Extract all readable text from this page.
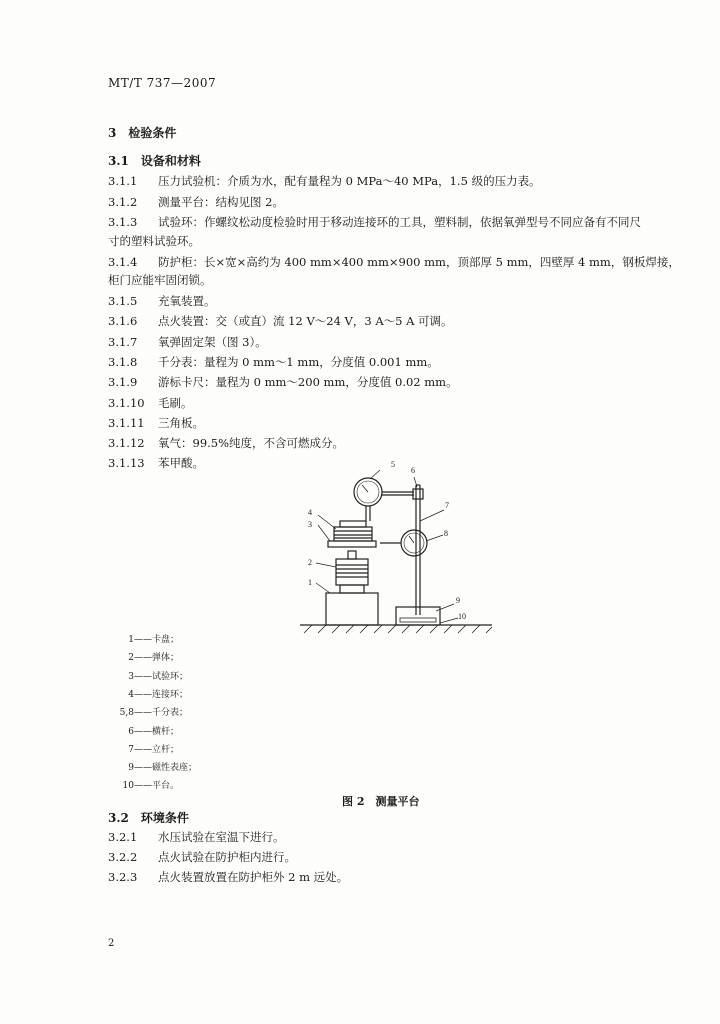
MT/T 737—2007
3　 检验条件
3.1　 设备和材料
3.1.1 压力试验机：介质为水，配有量程为 0 MPa～40 MPa，1.5 级的压力表。
3.1.2 测量平台：结构见图 2。
3.1.3 试验环：作螺纹松动度检验时用于移动连接环的工具，塑料制，依据氧弹型号不同应备有不同尺
寸的塑料试验环。
3.1.4 防护柜：长×宽×高约为 400 mm×400 mm×900 mm，顶部厚 5 mm，四壁厚 4 mm，钢板焊接，
柜门应能牢固闭锁。
3.1.5 充氧装置。
3.1.6 点火装置：交（或直）流 12 V～24 V，3 A～5 A 可调。
3.1.7 氧弹固定架（图 3）。
3.1.8 千分表：量程为 0 mm～1 mm，分度值 0.001 mm。
3.1.9 游标卡尺：量程为 0 mm～200 mm，分度值 0.02 mm。
3.1.10 毛刷。
3.1.11 三角板。
3.1.12 氧气：99.5%纯度，不含可燃成分。
3.1.13 苯甲酸。	5
6
7
8
4
3
2
1
9
10
1——卡盘；
2——弹体；
3——试验环；
4——连接环；
5,8——千分表；
6——横杆；
7——立杆；
9——磁性表座；
10——平台。
图 2　测量平台
3.2　 环境条件
3.2.1 水压试验在室温下进行。
3.2.2 点火试验在防护柜内进行。
3.2.3 点火装置放置在防护柜外 2 m 远处。
2
